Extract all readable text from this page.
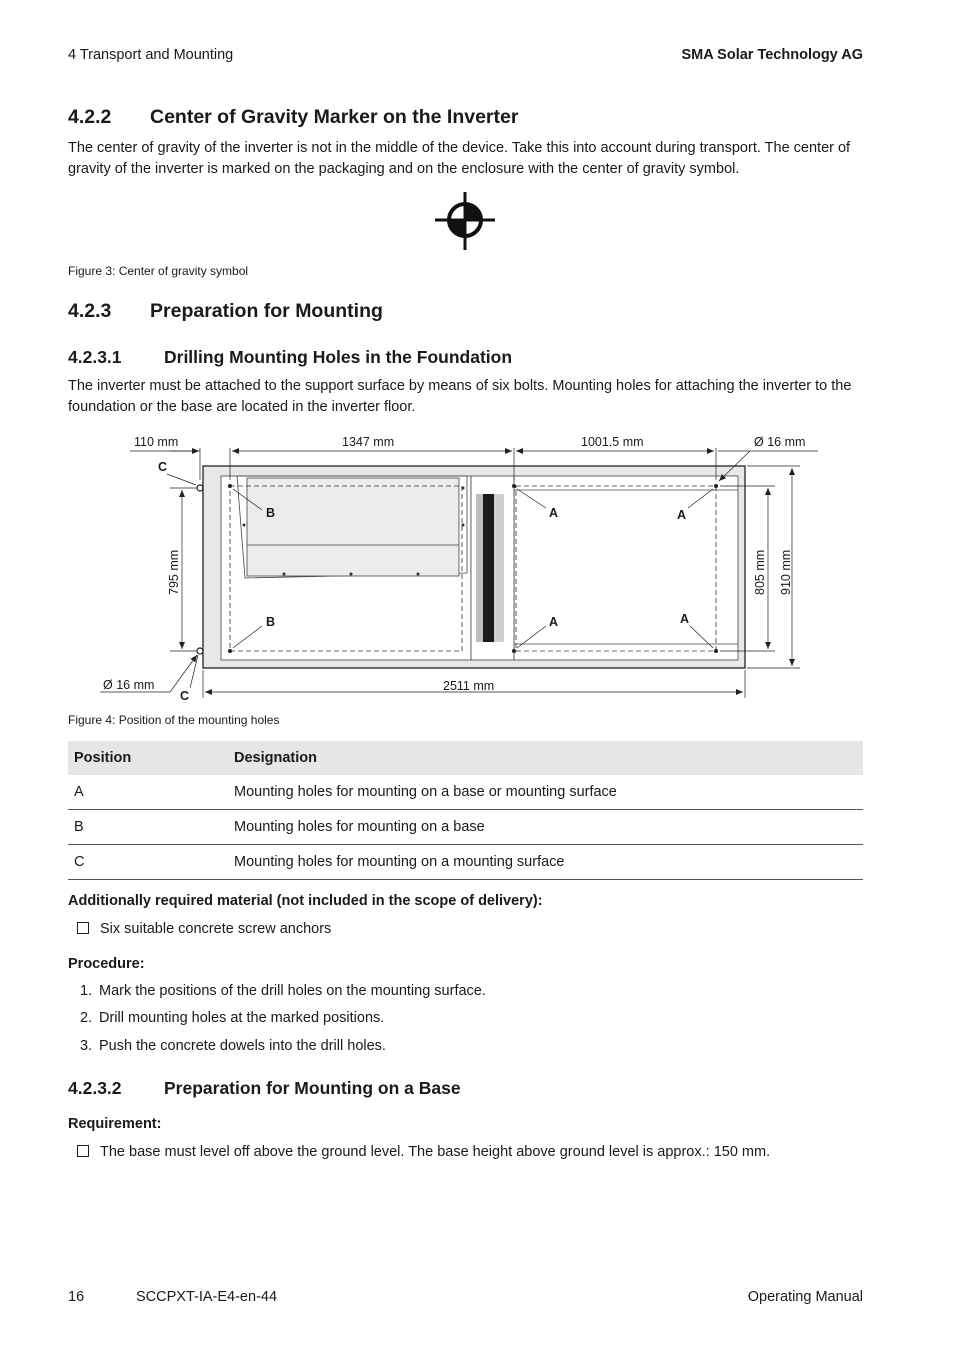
4 Transport and Mounting	SMA Solar Technology AG
4.2.2 Center of Gravity Marker on the Inverter
The center of gravity of the inverter is not in the middle of the device. Take this into account during transport. The center of gravity of the inverter is marked on the packaging and on the enclosure with the center of gravity symbol.
Figure 3: Center of gravity symbol
4.2.3 Preparation for Mounting
4.2.3.1 Drilling Mounting Holes in the Foundation
The inverter must be attached to the support surface by means of six bolts. Mounting holes for attaching the inverter to the foundation or the base are located in the inverter floor.
110 mm	1347 mm	1001.5 mm	Ø 16 mm
795 mm	805 mm 910 mm
2511 mm
Ø 16 mm
C
C
B
B
A	A
A	A
Figure 4: Position of the mounting holes
Position	Designation
A	Mounting holes for mounting on a base or mounting surface
B	Mounting holes for mounting on a base
C	Mounting holes for mounting on a mounting surface
Additionally required material (not included in the scope of delivery):
Six suitable concrete screw anchors
Procedure:
1. Mark the positions of the drill holes on the mounting surface.
2. Drill mounting holes at the marked positions.
3. Push the concrete dowels into the drill holes.
4.2.3.2 Preparation for Mounting on a Base
Requirement:
The base must level off above the ground level. The base height above ground level is approx.: 150 mm.
16	SCCPXT-IA-E4-en-44	Operating Manual
